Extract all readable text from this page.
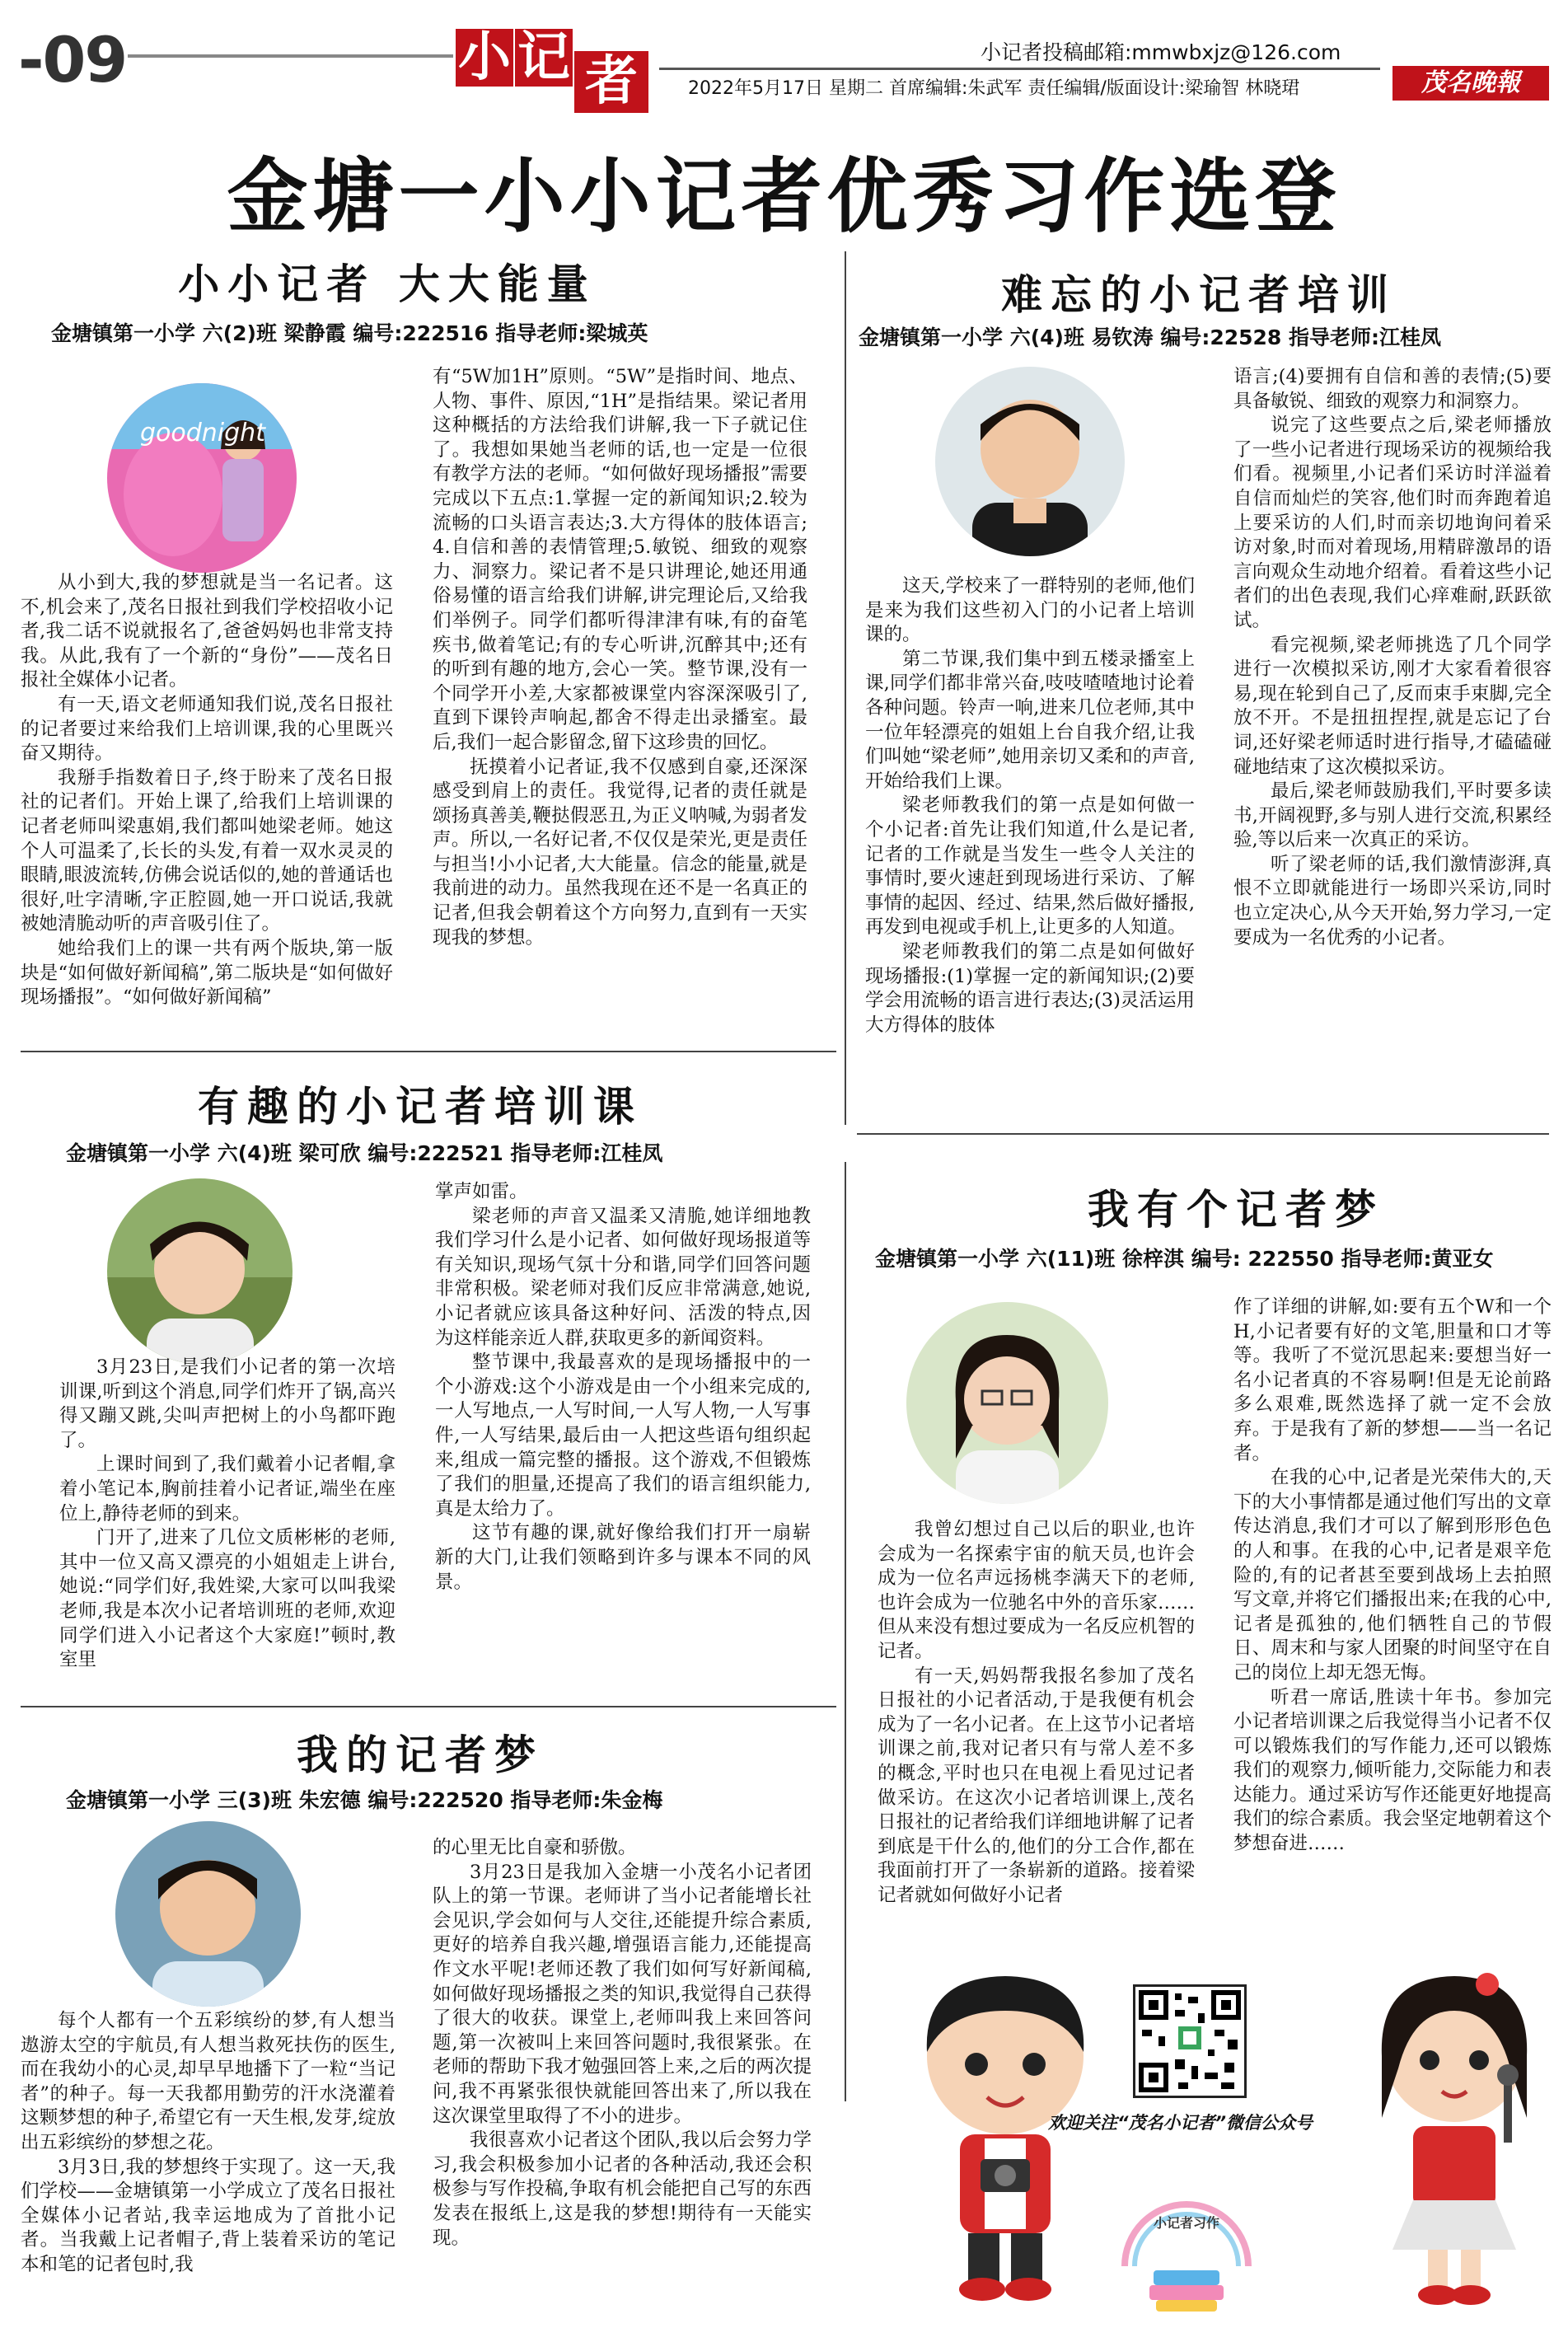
-09	小 记 者	小记者投稿邮箱:mmwbxjz@126.com
2022年5月17日 星期二 首席编辑:朱武军 责任编辑/版面设计:梁瑜智 林晓珺	茂名晚報
金塘一小小记者优秀习作选登
小小记者 大大能量
金塘镇第一小学 六(2)班 梁静霞 编号:222516 指导老师:梁城英
goodnight

从小到大,我的梦想就是当一名记者。这不,机会来了,茂名日报社到我们学校招收小记者,我二话不说就报名了,爸爸妈妈也非常支持我。从此,我有了一个新的“身份”——茂名日报社全媒体小记者。

有一天,语文老师通知我们说,茂名日报社的记者要过来给我们上培训课,我的心里既兴奋又期待。

我掰手指数着日子,终于盼来了茂名日报社的记者们。开始上课了,给我们上培训课的记者老师叫梁惠娟,我们都叫她梁老师。她这个人可温柔了,长长的头发,有着一双水灵灵的眼睛,眼波流转,仿佛会说话似的,她的普通话也很好,吐字清晰,字正腔圆,她一开口说话,我就被她清脆动听的声音吸引住了。

她给我们上的课一共有两个版块,第一版块是“如何做好新闻稿”,第二版块是“如何做好现场播报”。“如何做好新闻稿”

有“5W加1H”原则。“5W”是指时间、地点、人物、事件、原因,“1H”是指结果。梁记者用这种概括的方法给我们讲解,我一下子就记住了。我想如果她当老师的话,也一定是一位很有教学方法的老师。“如何做好现场播报”需要完成以下五点:1.掌握一定的新闻知识;2.较为流畅的口头语言表达;3.大方得体的肢体语言;4.自信和善的表情管理;5.敏锐、细致的观察力、洞察力。梁记者不是只讲理论,她还用通俗易懂的语言给我们讲解,讲完理论后,又给我们举例子。同学们都听得津津有味,有的奋笔疾书,做着笔记;有的专心听讲,沉醉其中;还有的听到有趣的地方,会心一笑。整节课,没有一个同学开小差,大家都被课堂内容深深吸引了,直到下课铃声响起,都舍不得走出录播室。最后,我们一起合影留念,留下这珍贵的回忆。

抚摸着小记者证,我不仅感到自豪,还深深感受到肩上的责任。我觉得,记者的责任就是颂扬真善美,鞭挞假恶丑,为正义呐喊,为弱者发声。所以,一名好记者,不仅仅是荣光,更是责任与担当!小小记者,大大能量。信念的能量,就是我前进的动力。虽然我现在还不是一名真正的记者,但我会朝着这个方向努力,直到有一天实现我的梦想。

难忘的小记者培训
金塘镇第一小学 六(4)班 易钦涛 编号:22528 指导老师:江桂凤

这天,学校来了一群特别的老师,他们是来为我们这些初入门的小记者上培训课的。

第二节课,我们集中到五楼录播室上课,同学们都非常兴奋,吱吱喳喳地讨论着各种问题。铃声一响,进来几位老师,其中一位年轻漂亮的姐姐上台自我介绍,让我们叫她“梁老师”,她用亲切又柔和的声音,开始给我们上课。

梁老师教我们的第一点是如何做一个小记者:首先让我们知道,什么是记者,记者的工作就是当发生一些令人关注的事情时,要火速赶到现场进行采访、了解事情的起因、经过、结果,然后做好播报,再发到电视或手机上,让更多的人知道。

梁老师教我们的第二点是如何做好现场播报:(1)掌握一定的新闻知识;(2)要学会用流畅的语言进行表达;(3)灵活运用大方得体的肢体

语言;(4)要拥有自信和善的表情;(5)要具备敏锐、细致的观察力和洞察力。

说完了这些要点之后,梁老师播放了一些小记者进行现场采访的视频给我们看。视频里,小记者们采访时洋溢着自信而灿烂的笑容,他们时而奔跑着追上要采访的人们,时而亲切地询问着采访对象,时而对着现场,用精辟激昂的语言向观众生动地介绍着。看着这些小记者们的出色表现,我们心痒难耐,跃跃欲试。

看完视频,梁老师挑选了几个同学进行一次模拟采访,刚才大家看着很容易,现在轮到自己了,反而束手束脚,完全放不开。不是扭扭捏捏,就是忘记了台词,还好梁老师适时进行指导,才磕磕碰碰地结束了这次模拟采访。

最后,梁老师鼓励我们,平时要多读书,开阔视野,多与别人进行交流,积累经验,等以后来一次真正的采访。

听了梁老师的话,我们激情澎湃,真恨不立即就能进行一场即兴采访,同时也立定决心,从今天开始,努力学习,一定要成为一名优秀的小记者。

有趣的小记者培训课
金塘镇第一小学 六(4)班 梁可欣 编号:222521 指导老师:江桂凤

3月23日,是我们小记者的第一次培训课,听到这个消息,同学们炸开了锅,高兴得又蹦又跳,尖叫声把树上的小鸟都吓跑了。

上课时间到了,我们戴着小记者帽,拿着小笔记本,胸前挂着小记者证,端坐在座位上,静待老师的到来。

门开了,进来了几位文质彬彬的老师,其中一位又高又漂亮的小姐姐走上讲台,她说:“同学们好,我姓梁,大家可以叫我梁老师,我是本次小记者培训班的老师,欢迎同学们进入小记者这个大家庭!”顿时,教室里

掌声如雷。

梁老师的声音又温柔又清脆,她详细地教我们学习什么是小记者、如何做好现场报道等有关知识,现场气氛十分和谐,同学们回答问题非常积极。梁老师对我们反应非常满意,她说,小记者就应该具备这种好问、活泼的特点,因为这样能亲近人群,获取更多的新闻资料。

整节课中,我最喜欢的是现场播报中的一个小游戏:这个小游戏是由一个小组来完成的,一人写地点,一人写时间,一人写人物,一人写事件,一人写结果,最后由一人把这些语句组织起来,组成一篇完整的播报。这个游戏,不但锻炼了我们的胆量,还提高了我们的语言组织能力,真是太给力了。

这节有趣的课,就好像给我们打开一扇崭新的大门,让我们领略到许多与课本不同的风景。

我有个记者梦
金塘镇第一小学 六(11)班 徐梓淇 编号: 222550 指导老师:黄亚女

我曾幻想过自己以后的职业,也许会成为一名探索宇宙的航天员,也许会成为一位名声远扬桃李满天下的老师,也许会成为一位驰名中外的音乐家……但从来没有想过要成为一名反应机智的记者。

有一天,妈妈帮我报名参加了茂名日报社的小记者活动,于是我便有机会成为了一名小记者。在上这节小记者培训课之前,我对记者只有与常人差不多的概念,平时也只在电视上看见过记者做采访。在这次小记者培训课上,茂名日报社的记者给我们详细地讲解了记者到底是干什么的,他们的分工合作,都在我面前打开了一条崭新的道路。接着梁记者就如何做好小记者

作了详细的讲解,如:要有五个W和一个H,小记者要有好的文笔,胆量和口才等等。我听了不觉沉思起来:要想当好一名小记者真的不容易啊!但是无论前路多么艰难,既然选择了就一定不会放弃。于是我有了新的梦想——当一名记者。

在我的心中,记者是光荣伟大的,天下的大小事情都是通过他们写出的文章传达消息,我们才可以了解到形形色色的人和事。在我的心中,记者是艰辛危险的,有的记者甚至要到战场上去拍照写文章,并将它们播报出来;在我的心中,记者是孤独的,他们牺牲自己的节假日、周末和与家人团聚的时间坚守在自己的岗位上却无怨无悔。

听君一席话,胜读十年书。参加完小记者培训课之后我觉得当小记者不仅可以锻炼我们的写作能力,还可以锻炼我们的观察力,倾听能力,交际能力和表达能力。通过采访写作还能更好地提高我们的综合素质。我会坚定地朝着这个梦想奋进……

我的记者梦
金塘镇第一小学 三(3)班 朱宏德 编号:222520 指导老师:朱金梅

每个人都有一个五彩缤纷的梦,有人想当遨游太空的宇航员,有人想当救死扶伤的医生,而在我幼小的心灵,却早早地播下了一粒“当记者”的种子。每一天我都用勤劳的汗水浇灌着这颗梦想的种子,希望它有一天生根,发芽,绽放出五彩缤纷的梦想之花。

3月3日,我的梦想终于实现了。这一天,我们学校——金塘镇第一小学成立了茂名日报社全媒体小记者站,我幸运地成为了首批小记者。当我戴上记者帽子,背上装着采访的笔记本和笔的记者包时,我

的心里无比自豪和骄傲。

3月23日是我加入金塘一小茂名小记者团队上的第一节课。老师讲了当小记者能增长社会见识,学会如何与人交往,还能提升综合素质,更好的培养自我兴趣,增强语言能力,还能提高作文水平呢!老师还教了我们如何写好新闻稿,如何做好现场播报之类的知识,我觉得自己获得了很大的收获。课堂上,老师叫我上来回答问题,第一次被叫上来回答问题时,我很紧张。在老师的帮助下我才勉强回答上来,之后的两次提问,我不再紧张很快就能回答出来了,所以我在这次课堂里取得了不小的进步。

我很喜欢小记者这个团队,我以后会努力学习,我会积极参加小记者的各种活动,我还会积极参与写作投稿,争取有机会能把自己写的东西发表在报纸上,这是我的梦想!期待有一天能实现。

欢迎关注“茂名小记者”微信公众号
小记者习作
